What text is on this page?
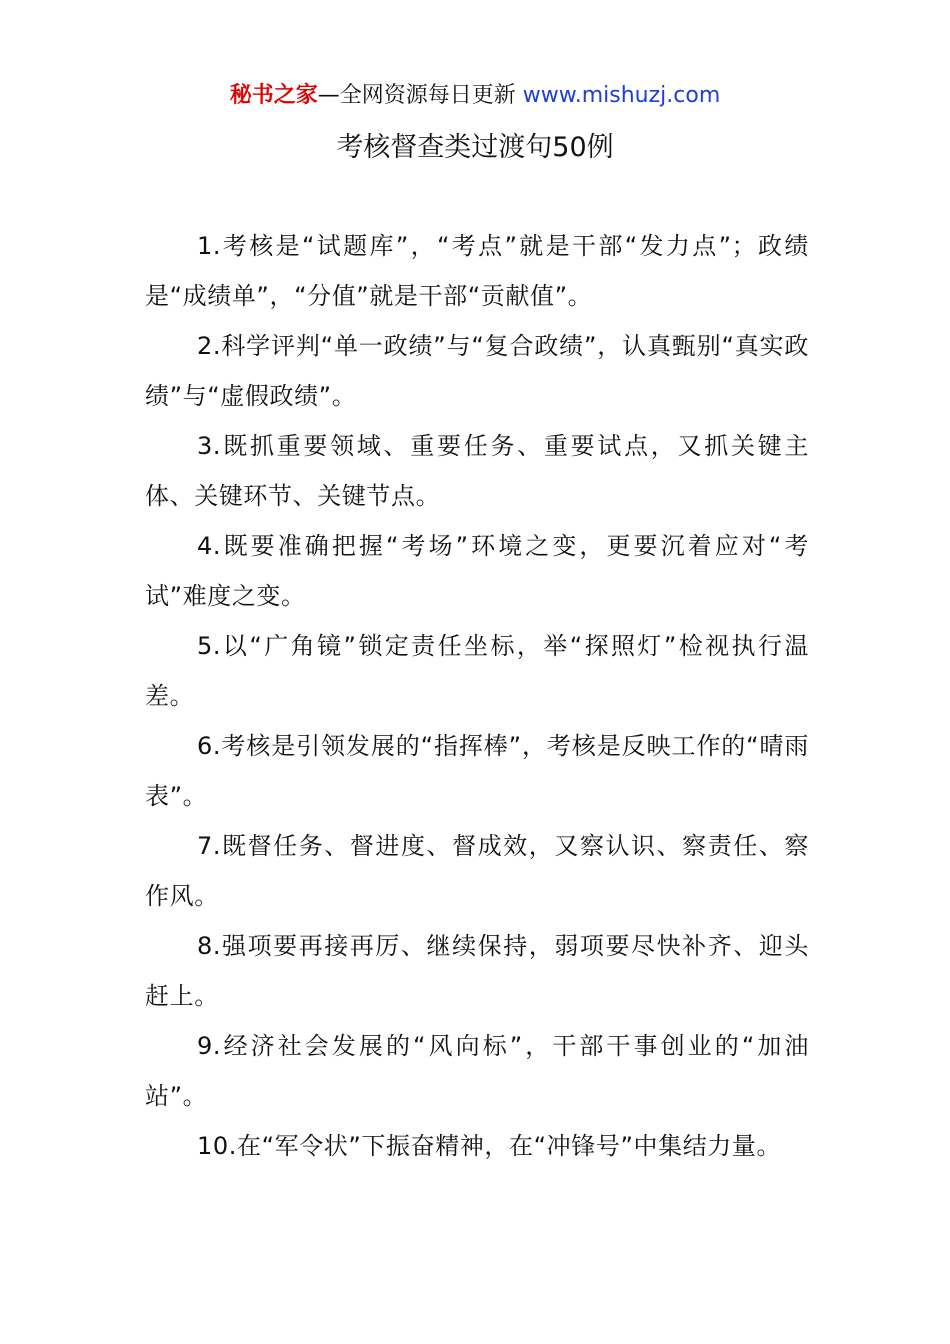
秘书之家—全网资源每日更新 www.mishuzj.com
考核督查类过渡句50例

1.考核是“试题库”，“考点”就是干部“发力点”；政绩是“成绩单”，“分值”就是干部“贡献值”。

2.科学评判“单一政绩”与“复合政绩”，认真甄别“真实政绩”与“虚假政绩”。

3.既抓重要领域、重要任务、重要试点，又抓关键主体、关键环节、关键节点。

4.既要准确把握“考场”环境之变，更要沉着应对“考试”难度之变。

5.以“广角镜”锁定责任坐标，举“探照灯”检视执行温差。

6.考核是引领发展的“指挥棒”，考核是反映工作的“晴雨表”。

7.既督任务、督进度、督成效，又察认识、察责任、察作风。

8.强项要再接再厉、继续保持，弱项要尽快补齐、迎头赶上。

9.经济社会发展的“风向标”，干部干事创业的“加油站”。

10.在“军令状”下振奋精神，在“冲锋号”中集结力量。
